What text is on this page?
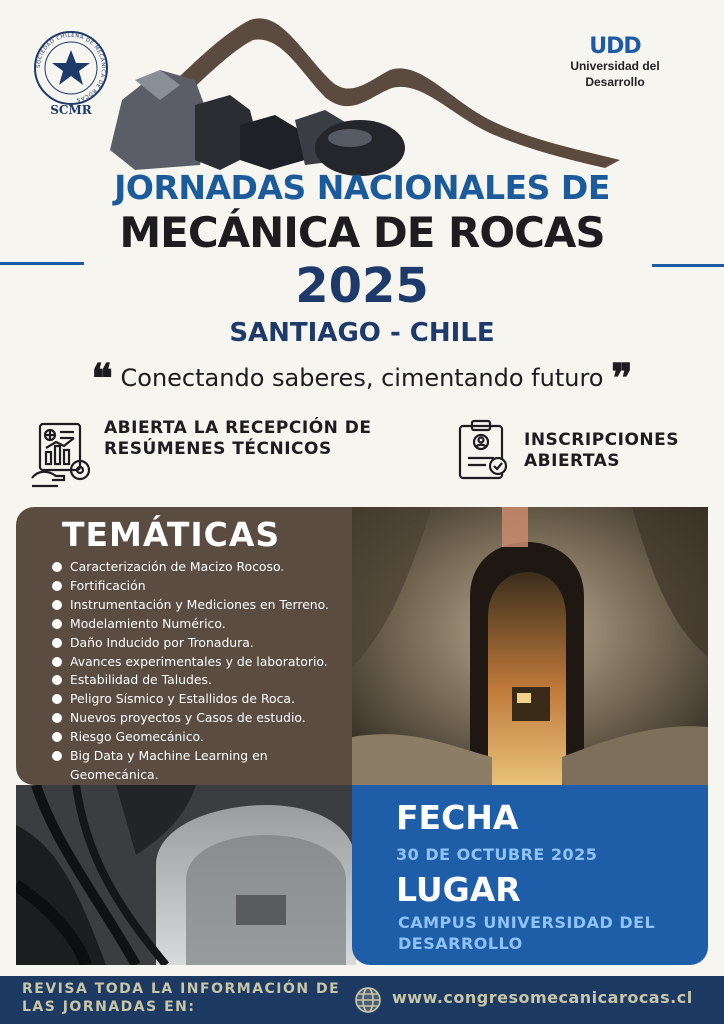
SOCIEDAD CHILENA DE MECÁNICA DE ROCAS
SCMR
UDD
Universidad del Desarrollo
JORNADAS NACIONALES DE
MECÁNICA DE ROCAS
2025
SANTIAGO - CHILE
❝ Conectando saberes, cimentando futuro ❞
ABIERTA LA RECEPCIÓN DE RESÚMENES TÉCNICOS	INSCRIPCIONES ABIERTAS
TEMÁTICAS
Caracterización de Macizo Rocoso.
Fortificación
Instrumentación y Mediciones en Terreno.
Modelamiento Numérico.
Daño Inducido por Tronadura.
Avances experimentales y de laboratorio.
Estabilidad de Taludes.
Peligro Sísmico y Estallidos de Roca.
Nuevos proyectos y Casos de estudio.
Riesgo Geomecánico.
Big Data y Machine Learning en Geomecánica.
FECHA
30 DE OCTUBRE 2025
LUGAR
CAMPUS UNIVERSIDAD DEL DESARROLLO
REVISA TODA LA INFORMACIÓN DE LAS JORNADAS EN:	www.congresomecanicarocas.cl
